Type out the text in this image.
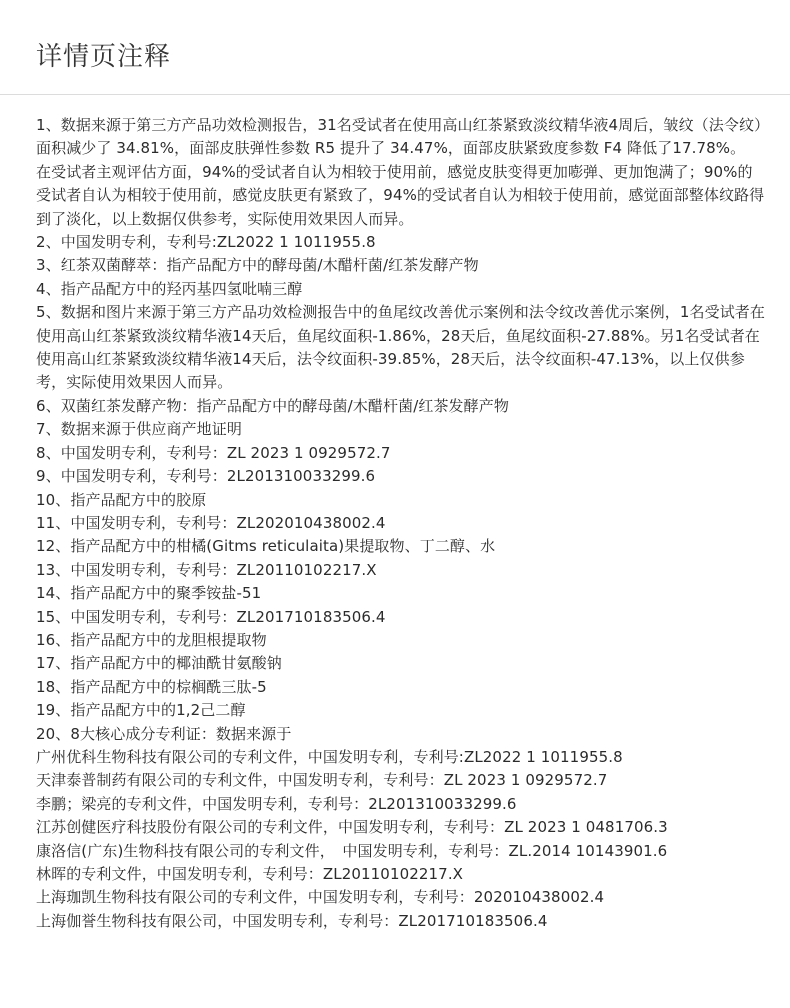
详情页注释

1、数据来源于第三方产品功效检测报告，31名受试者在使用高山红茶紧致淡纹精华液4周后，皱纹（法令纹）面积减少了 34.81%，面部皮肤弹性参数 R5 提升了 34.47%，面部皮肤紧致度参数 F4 降低了17.78%。

在受试者主观评估方面，94%的受试者自认为相较于使用前，感觉皮肤变得更加嘭弹、更加饱满了；90%的受试者自认为相较于使用前，感觉皮肤更有紧致了，94%的受试者自认为相较于使用前，感觉面部整体纹路得到了淡化，以上数据仅供参考，实际使用效果因人而异。

2、中国发明专利，专利号:ZL2022 1 1011955.8

3、红茶双菌酵萃：指产品配方中的酵母菌/木醋杆菌/红茶发酵产物

4、指产品配方中的羟丙基四氢吡喃三醇

5、数据和图片来源于第三方产品功效检测报告中的鱼尾纹改善优示案例和法令纹改善优示案例，1名受试者在使用高山红茶紧致淡纹精华液14天后，鱼尾纹面积-1.86%，28天后，鱼尾纹面积-27.88%。另1名受试者在使用高山红茶紧致淡纹精华液14天后，法令纹面积-39.85%，28天后，法令纹面积-47.13%，以上仅供参考，实际使用效果因人而异。

6、双菌红茶发酵产物：指产品配方中的酵母菌/木醋杆菌/红茶发酵产物

7、数据来源于供应商产地证明

8、中国发明专利，专利号：ZL 2023 1 0929572.7

9、中国发明专利，专利号：2L201310033299.6

10、指产品配方中的胶原

11、中国发明专利，专利号：ZL202010438002.4

12、指产品配方中的柑橘(Gitms reticulaita)果提取物、丁二醇、水

13、中国发明专利，专利号：ZL20110102217.X

14、指产品配方中的聚季铵盐-51

15、中国发明专利，专利号：ZL201710183506.4

16、指产品配方中的龙胆根提取物

17、指产品配方中的椰油酰甘氨酸钠

18、指产品配方中的棕榈酰三肽-5

19、指产品配方中的1,2己二醇

20、8大核心成分专利证：数据来源于

广州优科生物科技有限公司的专利文件，中国发明专利，专利号:ZL2022 1 1011955.8

天津泰普制药有限公司的专利文件，中国发明专利，专利号：ZL 2023 1 0929572.7

李鹏；梁亮的专利文件，中国发明专利，专利号：2L201310033299.6

江苏创健医疗科技股份有限公司的专利文件，中国发明专利，专利号：ZL 2023 1 0481706.3

康洛信(广东)生物科技有限公司的专利文件，　中国发明专利，专利号：ZL.2014 10143901.6

林晖的专利文件，中国发明专利，专利号：ZL20110102217.X

上海珈凯生物科技有限公司的专利文件，中国发明专利，专利号：202010438002.4

上海伽誉生物科技有限公司，中国发明专利，专利号：ZL201710183506.4
